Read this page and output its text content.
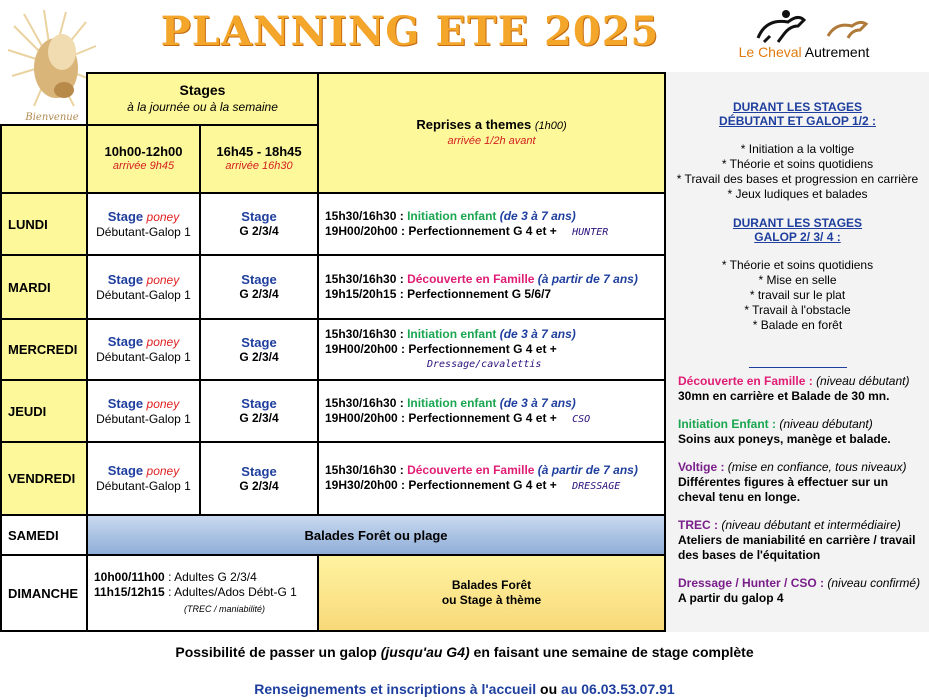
Bienvenue
PLANNING ETE 2025	Le Cheval Autrement
Stages
à la journée ou à la semaine
10h00-12h00
arrivée 9h45
16h45 - 18h45
arrivée 16h30
Reprises a themes (1h00)
arrivée 1/2h avant
LUNDI
Stage poney
Débutant-Galop 1
Stage
G 2/3/4
15h30/16h30 : Initiation enfant (de 3 à 7 ans)
19H00/20h00 : Perfectionnement G 4 et + HUNTER
MARDI
Stage poney
Débutant-Galop 1
Stage
G 2/3/4
15h30/16h30 : Découverte en Famille (à partir de 7 ans)
19h15/20h15 : Perfectionnement G 5/6/7
MERCREDI
Stage poney
Débutant-Galop 1
Stage
G 2/3/4
15h30/16h30 : Initiation enfant (de 3 à 7 ans)
19H00/20h00 : Perfectionnement G 4 et +
Dressage/cavalettis
JEUDI
Stage poney
Débutant-Galop 1
Stage
G 2/3/4
15h30/16h30 : Initiation enfant (de 3 à 7 ans)
19H00/20h00 : Perfectionnement G 4 et + CSO
VENDREDI
Stage poney
Débutant-Galop 1
Stage
G 2/3/4
15h30/16h30 : Découverte en Famille (à partir de 7 ans)
19H30/20h00 : Perfectionnement G 4 et + DRESSAGE
SAMEDI	Balades Forêt ou plage
DIMANCHE
10h00/11h00 : Adultes G 2/3/4
11h15/12h15 : Adultes/Ados Débt-G 1
(TREC / maniabilité)
Balades Forêt
ou Stage à thème
DURANT LES STAGES
DÉBUTANT ET GALOP 1/2 :
* Initiation a la voltige
* Théorie et soins quotidiens
* Travail des bases et progression en carrière
* Jeux ludiques et balades
DURANT LES STAGES
GALOP 2/ 3/ 4 :
* Théorie et soins quotidiens
* Mise en selle
* travail sur le plat
* Travail à l'obstacle
* Balade en forêt
Découverte en Famille : (niveau débutant)
30mn en carrière et Balade de 30 mn.
Initiation Enfant : (niveau débutant)
Soins aux poneys, manège et balade.
Voltige : (mise en confiance, tous niveaux)
Différentes figures à effectuer sur un cheval tenu en longe.
TREC : (niveau débutant et intermédiaire)
Ateliers de maniabilité en carrière / travail des bases de l'équitation
Dressage / Hunter / CSO : (niveau confirmé)
A partir du galop 4
Possibilité de passer un galop (jusqu'au G4) en faisant une semaine de stage complète
Renseignements et inscriptions à l'accueil ou au 06.03.53.07.91
